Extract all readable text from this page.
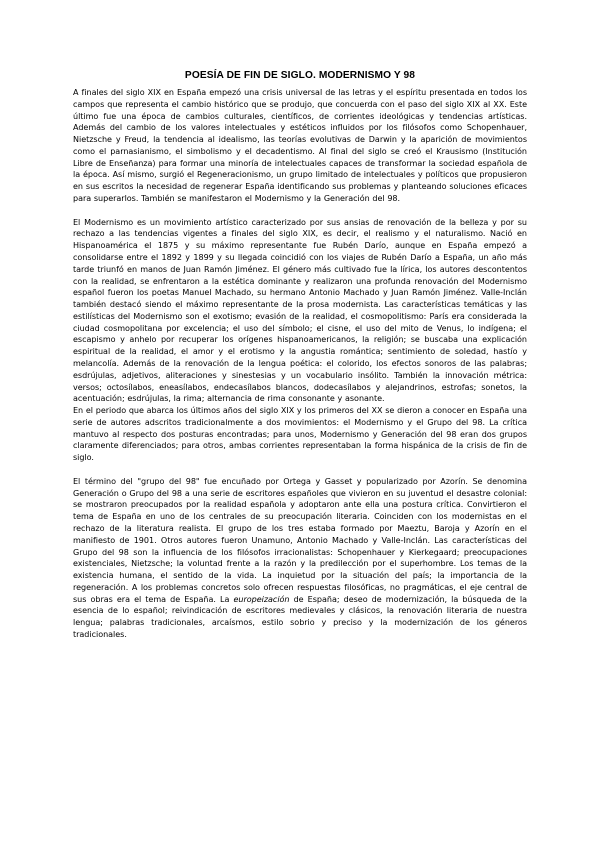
POESÍA DE FIN DE SIGLO. MODERNISMO Y 98

A finales del siglo XIX en España empezó una crisis universal de las letras y el espíritu presentada en todos los campos que representa el cambio histórico que se produjo, que concuerda con el paso del siglo XIX al XX. Este último fue una época de cambios culturales, científicos, de corrientes ideológicas y tendencias artísticas. Además del cambio de los valores intelectuales y estéticos influidos por los filósofos como Schopenhauer, Nietzsche y Freud, la tendencia al idealismo, las teorías evolutivas de Darwin y la aparición de movimientos como el parnasianismo, el simbolismo y el decadentismo. Al final del siglo se creó el Krausismo (Institución Libre de Enseñanza) para formar una minoría de intelectuales capaces de transformar la sociedad española de la época. Así mismo, surgió el Regeneracionismo, un grupo limitado de intelectuales y políticos que propusieron en sus escritos la necesidad de regenerar España identificando sus problemas y planteando soluciones eficaces para superarlos. También se manifestaron el Modernismo y la Generación del 98.

El Modernismo es un movimiento artístico caracterizado por sus ansias de renovación de la belleza y por su rechazo a las tendencias vigentes a finales del siglo XIX, es decir, el realismo y el naturalismo. Nació en Hispanoamérica el 1875 y su máximo representante fue Rubén Darío, aunque en España empezó a consolidarse entre el 1892 y 1899 y su llegada coincidió con los viajes de Rubén Darío a España, un año más tarde triunfó en manos de Juan Ramón Jiménez. El género más cultivado fue la lírica, los autores descontentos con la realidad, se enfrentaron a la estética dominante y realizaron una profunda renovación del Modernismo español fueron los poetas Manuel Machado, su hermano Antonio Machado y Juan Ramón Jiménez. Valle-Inclán también destacó siendo el máximo representante de la prosa modernista. Las características temáticas y las estilísticas del Modernismo son el exotismo; evasión de la realidad, el cosmopolitismo: París era considerada la ciudad cosmopolitana por excelencia; el uso del símbolo; el cisne, el uso del mito de Venus, lo indígena; el escapismo y anhelo por recuperar los orígenes hispanoamericanos, la religión; se buscaba una explicación espiritual de la realidad, el amor y el erotismo y la angustia romántica; sentimiento de soledad, hastío y melancolía. Además de la renovación de la lengua poética: el colorido, los efectos sonoros de las palabras; esdrújulas, adjetivos, aliteraciones y sinestesias y un vocabulario insólito. También la innovación métrica: versos; octosílabos, eneasílabos, endecasílabos blancos, dodecasílabos y alejandrinos, estrofas; sonetos, la acentuación; esdrújulas, la rima; alternancia de rima consonante y asonante.

En el periodo que abarca los últimos años del siglo XIX y los primeros del XX se dieron a conocer en España una serie de autores adscritos tradicionalmente a dos movimientos: el Modernismo y el Grupo del 98. La crítica mantuvo al respecto dos posturas encontradas; para unos, Modernismo y Generación del 98 eran dos grupos claramente diferenciados; para otros, ambas corrientes representaban la forma hispánica de la crisis de fin de siglo.

El término del "grupo del 98" fue encuñado por Ortega y Gasset y popularizado por Azorín. Se denomina Generación o Grupo del 98 a una serie de escritores españoles que vivieron en su juventud el desastre colonial: se mostraron preocupados por la realidad española y adoptaron ante ella una postura crítica. Convirtieron el tema de España en uno de los centrales de su preocupación literaria. Coinciden con los modernistas en el rechazo de la literatura realista. El grupo de los tres estaba formado por Maeztu, Baroja y Azorín en el manifiesto de 1901. Otros autores fueron Unamuno, Antonio Machado y Valle-Inclán. Las características del Grupo del 98 son la influencia de los filósofos irracionalistas: Schopenhauer y Kierkegaard; preocupaciones existenciales, Nietzsche; la voluntad frente a la razón y la predilección por el superhombre. Los temas de la existencia humana, el sentido de la vida. La inquietud por la situación del país; la importancia de la regeneración. A los problemas concretos solo ofrecen respuestas filosóficas, no pragmáticas, el eje central de sus obras era el tema de España. La europeización de España; deseo de modernización, la búsqueda de la esencia de lo español; reivindicación de escritores medievales y clásicos, la renovación literaria de nuestra lengua; palabras tradicionales, arcaísmos, estilo sobrio y preciso y la modernización de los géneros tradicionales.
